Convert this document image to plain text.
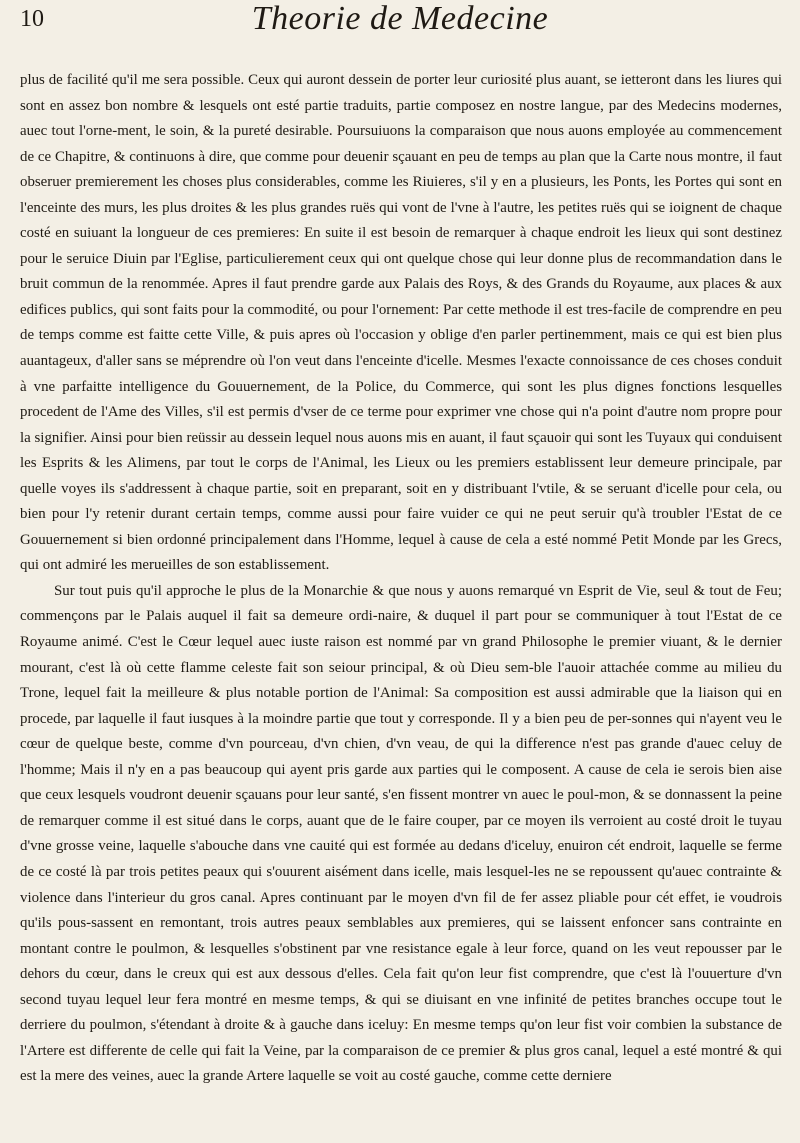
10	Theorie de Medecine

plus de facilité qu'il me sera possible. Ceux qui auront dessein de porter leur curiosité plus auant, se ietteront dans les liures qui sont en assez bon nombre & lesquels ont esté partie traduits, partie composez en nostre langue, par des Medecins modernes, auec tout l'orne-ment, le soin, & la pureté desirable. Poursuiuons la comparaison que nous auons employée au commencement de ce Chapitre, & continuons à dire, que comme pour deuenir sçauant en peu de temps au plan que la Carte nous montre, il faut obseruer premierement les choses plus considerables, comme les Riuieres, s'il y en a plusieurs, les Ponts, les Portes qui sont en l'enceinte des murs, les plus droites & les plus grandes ruës qui vont de l'vne à l'autre, les petites ruës qui se ioignent de chaque costé en suiuant la longueur de ces premieres: En suite il est besoin de remarquer à chaque endroit les lieux qui sont destinez pour le seruice Diuin par l'Eglise, particulierement ceux qui ont quelque chose qui leur donne plus de recommandation dans le bruit commun de la renommée. Apres il faut prendre garde aux Palais des Roys, & des Grands du Royaume, aux places & aux edifices publics, qui sont faits pour la commodité, ou pour l'ornement: Par cette methode il est tres-facile de comprendre en peu de temps comme est faitte cette Ville, & puis apres où l'occasion y oblige d'en parler pertinemment, mais ce qui est bien plus auantageux, d'aller sans se méprendre où l'on veut dans l'enceinte d'icelle. Mesmes l'exacte connoissance de ces choses conduit à vne parfaitte intelligence du Gouuernement, de la Police, du Commerce, qui sont les plus dignes fonctions lesquelles procedent de l'Ame des Villes, s'il est permis d'vser de ce terme pour exprimer vne chose qui n'a point d'autre nom propre pour la signifier. Ainsi pour bien reüssir au dessein lequel nous auons mis en auant, il faut sçauoir qui sont les Tuyaux qui conduisent les Esprits & les Alimens, par tout le corps de l'Animal, les Lieux ou les premiers establissent leur demeure principale, par quelle voyes ils s'addressent à chaque partie, soit en preparant, soit en y distribuant l'vtile, & se seruant d'icelle pour cela, ou bien pour l'y retenir durant certain temps, comme aussi pour faire vuider ce qui ne peut seruir qu'à troubler l'Estat de ce Gouuernement si bien ordonné principalement dans l'Homme, lequel à cause de cela a esté nommé Petit Monde par les Grecs, qui ont admiré les merueilles de son establissement.

Sur tout puis qu'il approche le plus de la Monarchie & que nous y auons remarqué vn Esprit de Vie, seul & tout de Feu; commençons par le Palais auquel il fait sa demeure ordi-naire, & duquel il part pour se communiquer à tout l'Estat de ce Royaume animé. C'est le Cœur lequel auec iuste raison est nommé par vn grand Philosophe le premier viuant, & le dernier mourant, c'est là où cette flamme celeste fait son seiour principal, & où Dieu sem-ble l'auoir attachée comme au milieu du Trone, lequel fait la meilleure & plus notable portion de l'Animal: Sa composition est aussi admirable que la liaison qui en procede, par laquelle il faut iusques à la moindre partie que tout y corresponde. Il y a bien peu de per-sonnes qui n'ayent veu le cœur de quelque beste, comme d'vn pourceau, d'vn chien, d'vn veau, de qui la difference n'est pas grande d'auec celuy de l'homme; Mais il n'y en a pas beaucoup qui ayent pris garde aux parties qui le composent. A cause de cela ie serois bien aise que ceux lesquels voudront deuenir sçauans pour leur santé, s'en fissent montrer vn auec le poul-mon, & se donnassent la peine de remarquer comme il est situé dans le corps, auant que de le faire couper, par ce moyen ils verroient au costé droit le tuyau d'vne grosse veine, laquelle s'abouche dans vne cauité qui est formée au dedans d'iceluy, enuiron cét endroit, laquelle se ferme de ce costé là par trois petites peaux qui s'ouurent aisément dans icelle, mais lesquel-les ne se repoussent qu'auec contrainte & violence dans l'interieur du gros canal. Apres continuant par le moyen d'vn fil de fer assez pliable pour cét effet, ie voudrois qu'ils pous-sassent en remontant, trois autres peaux semblables aux premieres, qui se laissent enfoncer sans contrainte en montant contre le poulmon, & lesquelles s'obstinent par vne resistance egale à leur force, quand on les veut repousser par le dehors du cœur, dans le creux qui est aux dessous d'elles. Cela fait qu'on leur fist comprendre, que c'est là l'ouuerture d'vn second tuyau lequel leur fera montré en mesme temps, & qui se diuisant en vne infinité de petites branches occupe tout le derriere du poulmon, s'étendant à droite & à gauche dans iceluy: En mesme temps qu'on leur fist voir combien la substance de l'Artere est differente de celle qui fait la Veine, par la comparaison de ce premier & plus gros canal, lequel a esté montré & qui est la mere des veines, auec la grande Artere laquelle se voit au costé gauche, comme cette derniere
